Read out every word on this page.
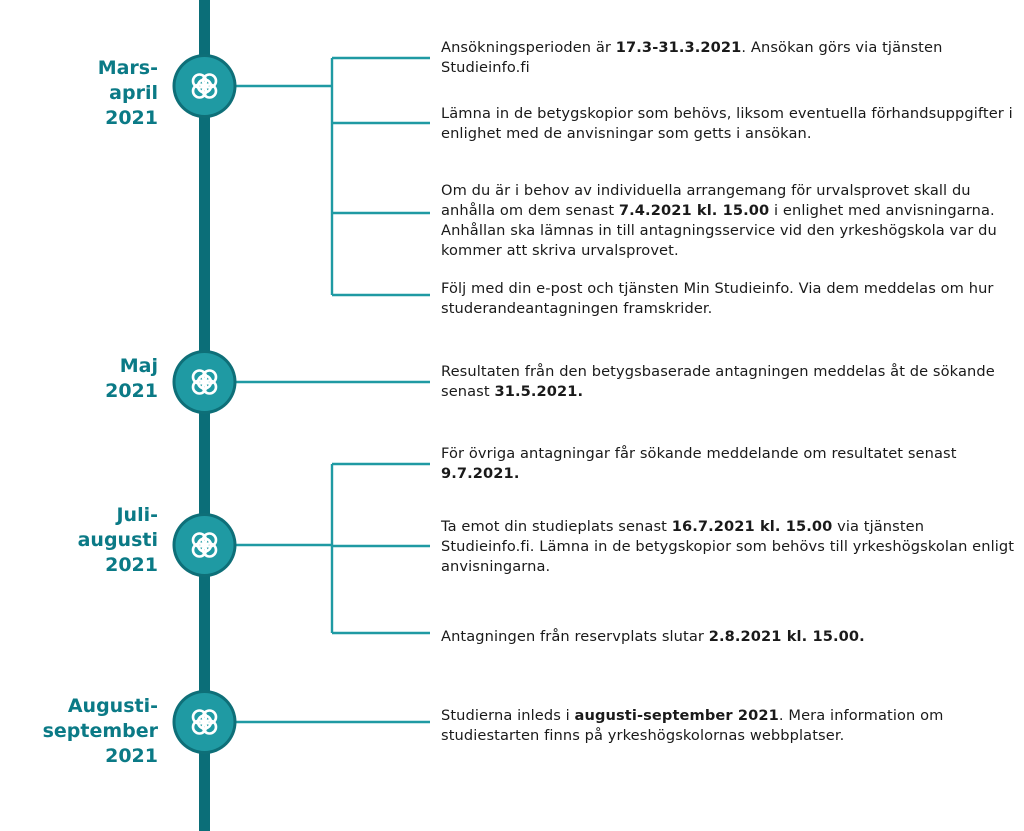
Mars-
april
2021
Maj
2021
Juli-
augusti
2021
Augusti-
september
2021
Ansökningsperioden är 17.3-31.3.2021. Ansökan görs via tjänsten Studieinfo.fi
Lämna in de betygskopior som behövs, liksom eventuella förhandsuppgifter i enlighet med de anvisningar som getts i ansökan.
Om du är i behov av individuella arrangemang för urvalsprovet skall du anhålla om dem senast 7.4.2021 kl. 15.00 i enlighet med anvisningarna. Anhållan ska lämnas in till antagningsservice vid den yrkeshögskola var du kommer att skriva urvalsprovet.
Följ med din e-post och tjänsten Min Studieinfo. Via dem meddelas om hur studerandeantagningen framskrider.
Resultaten från den betygsbaserade antagningen meddelas åt de sökande senast 31.5.2021.
För övriga antagningar får sökande meddelande om resultatet senast 9.7.2021.
Ta emot din studieplats senast 16.7.2021 kl. 15.00 via tjänsten Studieinfo.fi. Lämna in de betygskopior som behövs till yrkeshögskolan enligt anvisningarna.
Antagningen från reservplats slutar 2.8.2021 kl. 15.00.
Studierna inleds i augusti-september 2021. Mera information om studiestarten finns på yrkeshögskolornas webbplatser.
